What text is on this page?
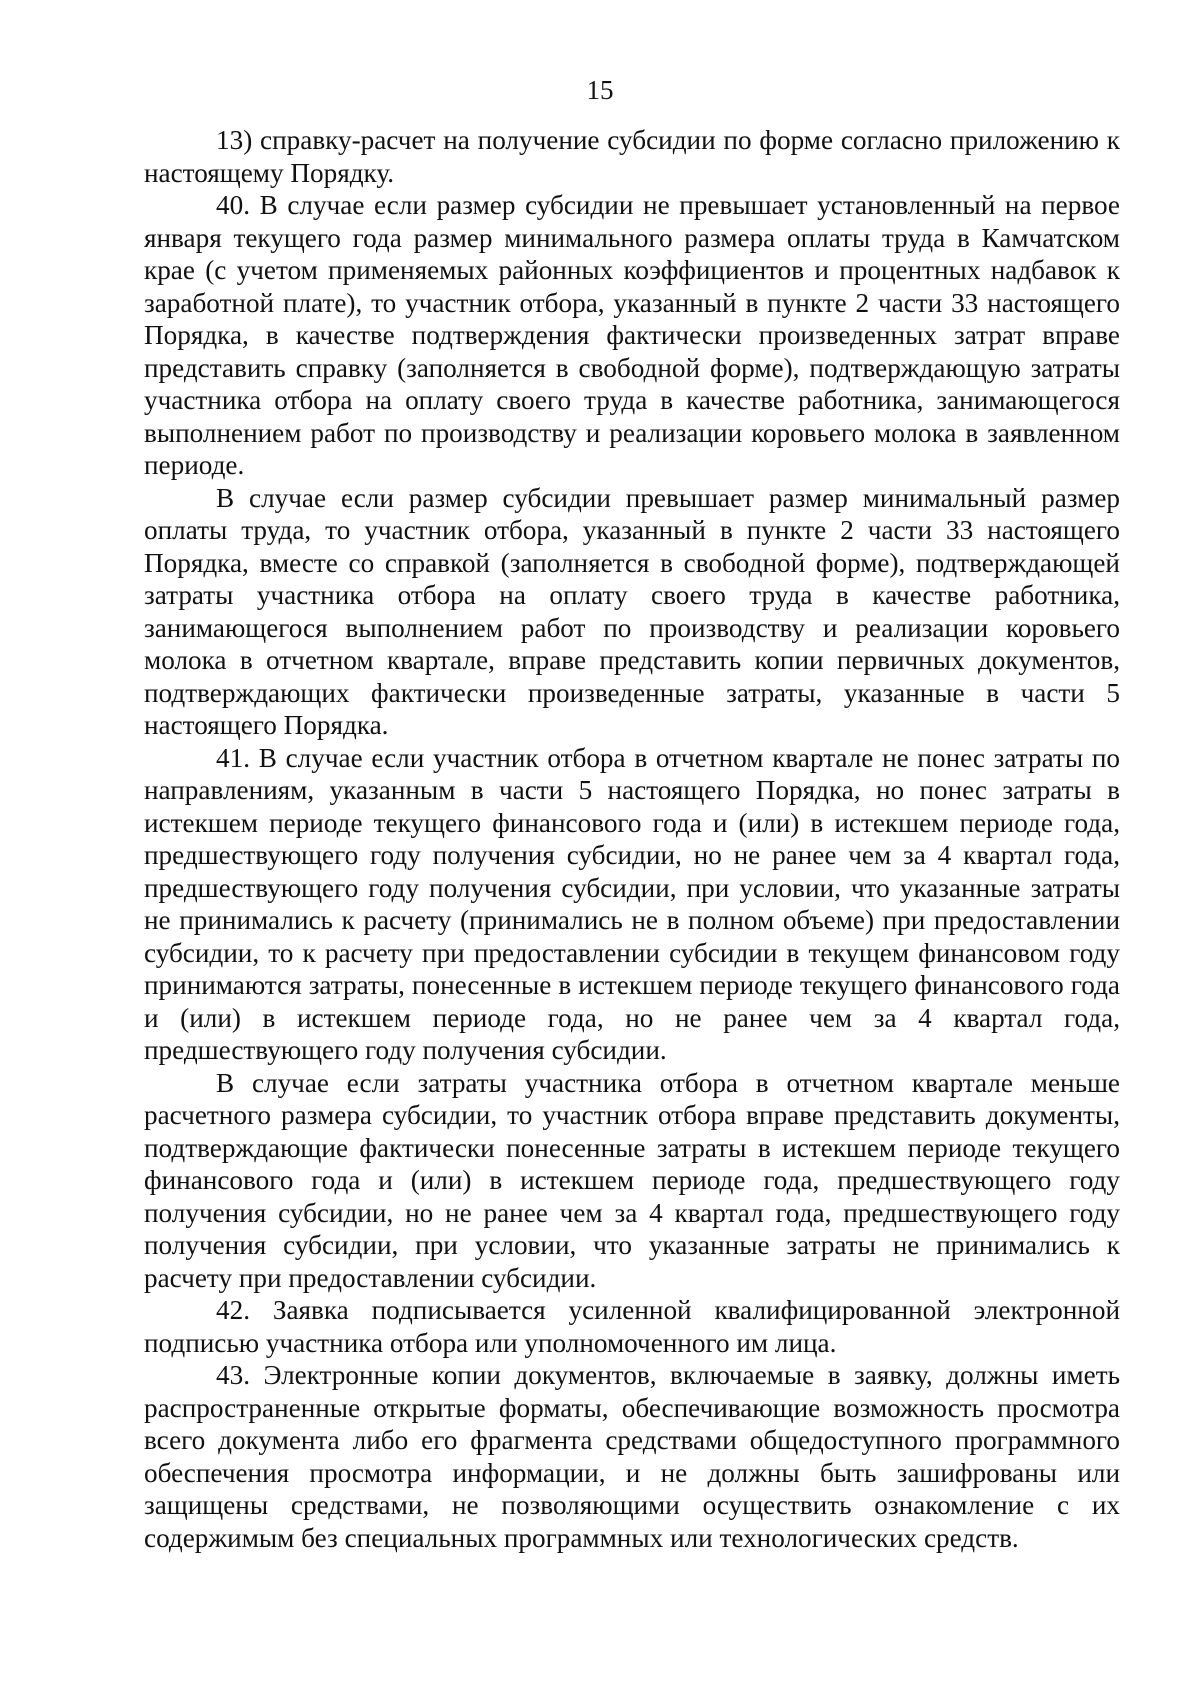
15

13) справку-расчет на получение субсидии по форме согласно приложению к настоящему Порядку.

40. В случае если размер субсидии не превышает установленный на первое января текущего года размер минимального размера оплаты труда в Камчатском крае (с учетом применяемых районных коэффициентов и процентных надбавок к заработной плате), то участник отбора, указанный в пункте 2 части 33 настоящего Порядка, в качестве подтверждения фактически произведенных затрат вправе представить справку (заполняется в свободной форме), подтверждающую затраты участника отбора на оплату своего труда в качестве работника, занимающегося выполнением работ по производству и реализации коровьего молока в заявленном периоде.

В случае если размер субсидии превышает размер минимальный размер оплаты труда, то участник отбора, указанный в пункте 2 части 33 настоящего Порядка, вместе со справкой (заполняется в свободной форме), подтверждающей затраты участника отбора на оплату своего труда в качестве работника, занимающегося выполнением работ по производству и реализации коровьего молока в отчетном квартале, вправе представить копии первичных документов, подтверждающих фактически произведенные затраты, указанные в части 5 настоящего Порядка.

41. В случае если участник отбора в отчетном квартале не понес затраты по направлениям, указанным в части 5 настоящего Порядка, но понес затраты в истекшем периоде текущего финансового года и (или) в истекшем периоде года, предшествующего году получения субсидии, но не ранее чем за 4 квартал года, предшествующего году получения субсидии, при условии, что указанные затраты не принимались к расчету (принимались не в полном объеме) при предоставлении субсидии, то к расчету при предоставлении субсидии в текущем финансовом году принимаются затраты, понесенные в истекшем периоде текущего финансового года и (или) в истекшем периоде года, но не ранее чем за 4 квартал года, предшествующего году получения субсидии.

В случае если затраты участника отбора в отчетном квартале меньше расчетного размера субсидии, то участник отбора вправе представить документы, подтверждающие фактически понесенные затраты в истекшем периоде текущего финансового года и (или) в истекшем периоде года, предшествующего году получения субсидии, но не ранее чем за 4 квартал года, предшествующего году получения субсидии, при условии, что указанные затраты не принимались к расчету при предоставлении субсидии.

42. Заявка подписывается усиленной квалифицированной электронной подписью участника отбора или уполномоченного им лица.

43. Электронные копии документов, включаемые в заявку, должны иметь распространенные открытые форматы, обеспечивающие возможность просмотра всего документа либо его фрагмента средствами общедоступного программного обеспечения просмотра информации, и не должны быть зашифрованы или защищены средствами, не позволяющими осуществить ознакомление с их содержимым без специальных программных или технологических средств.
